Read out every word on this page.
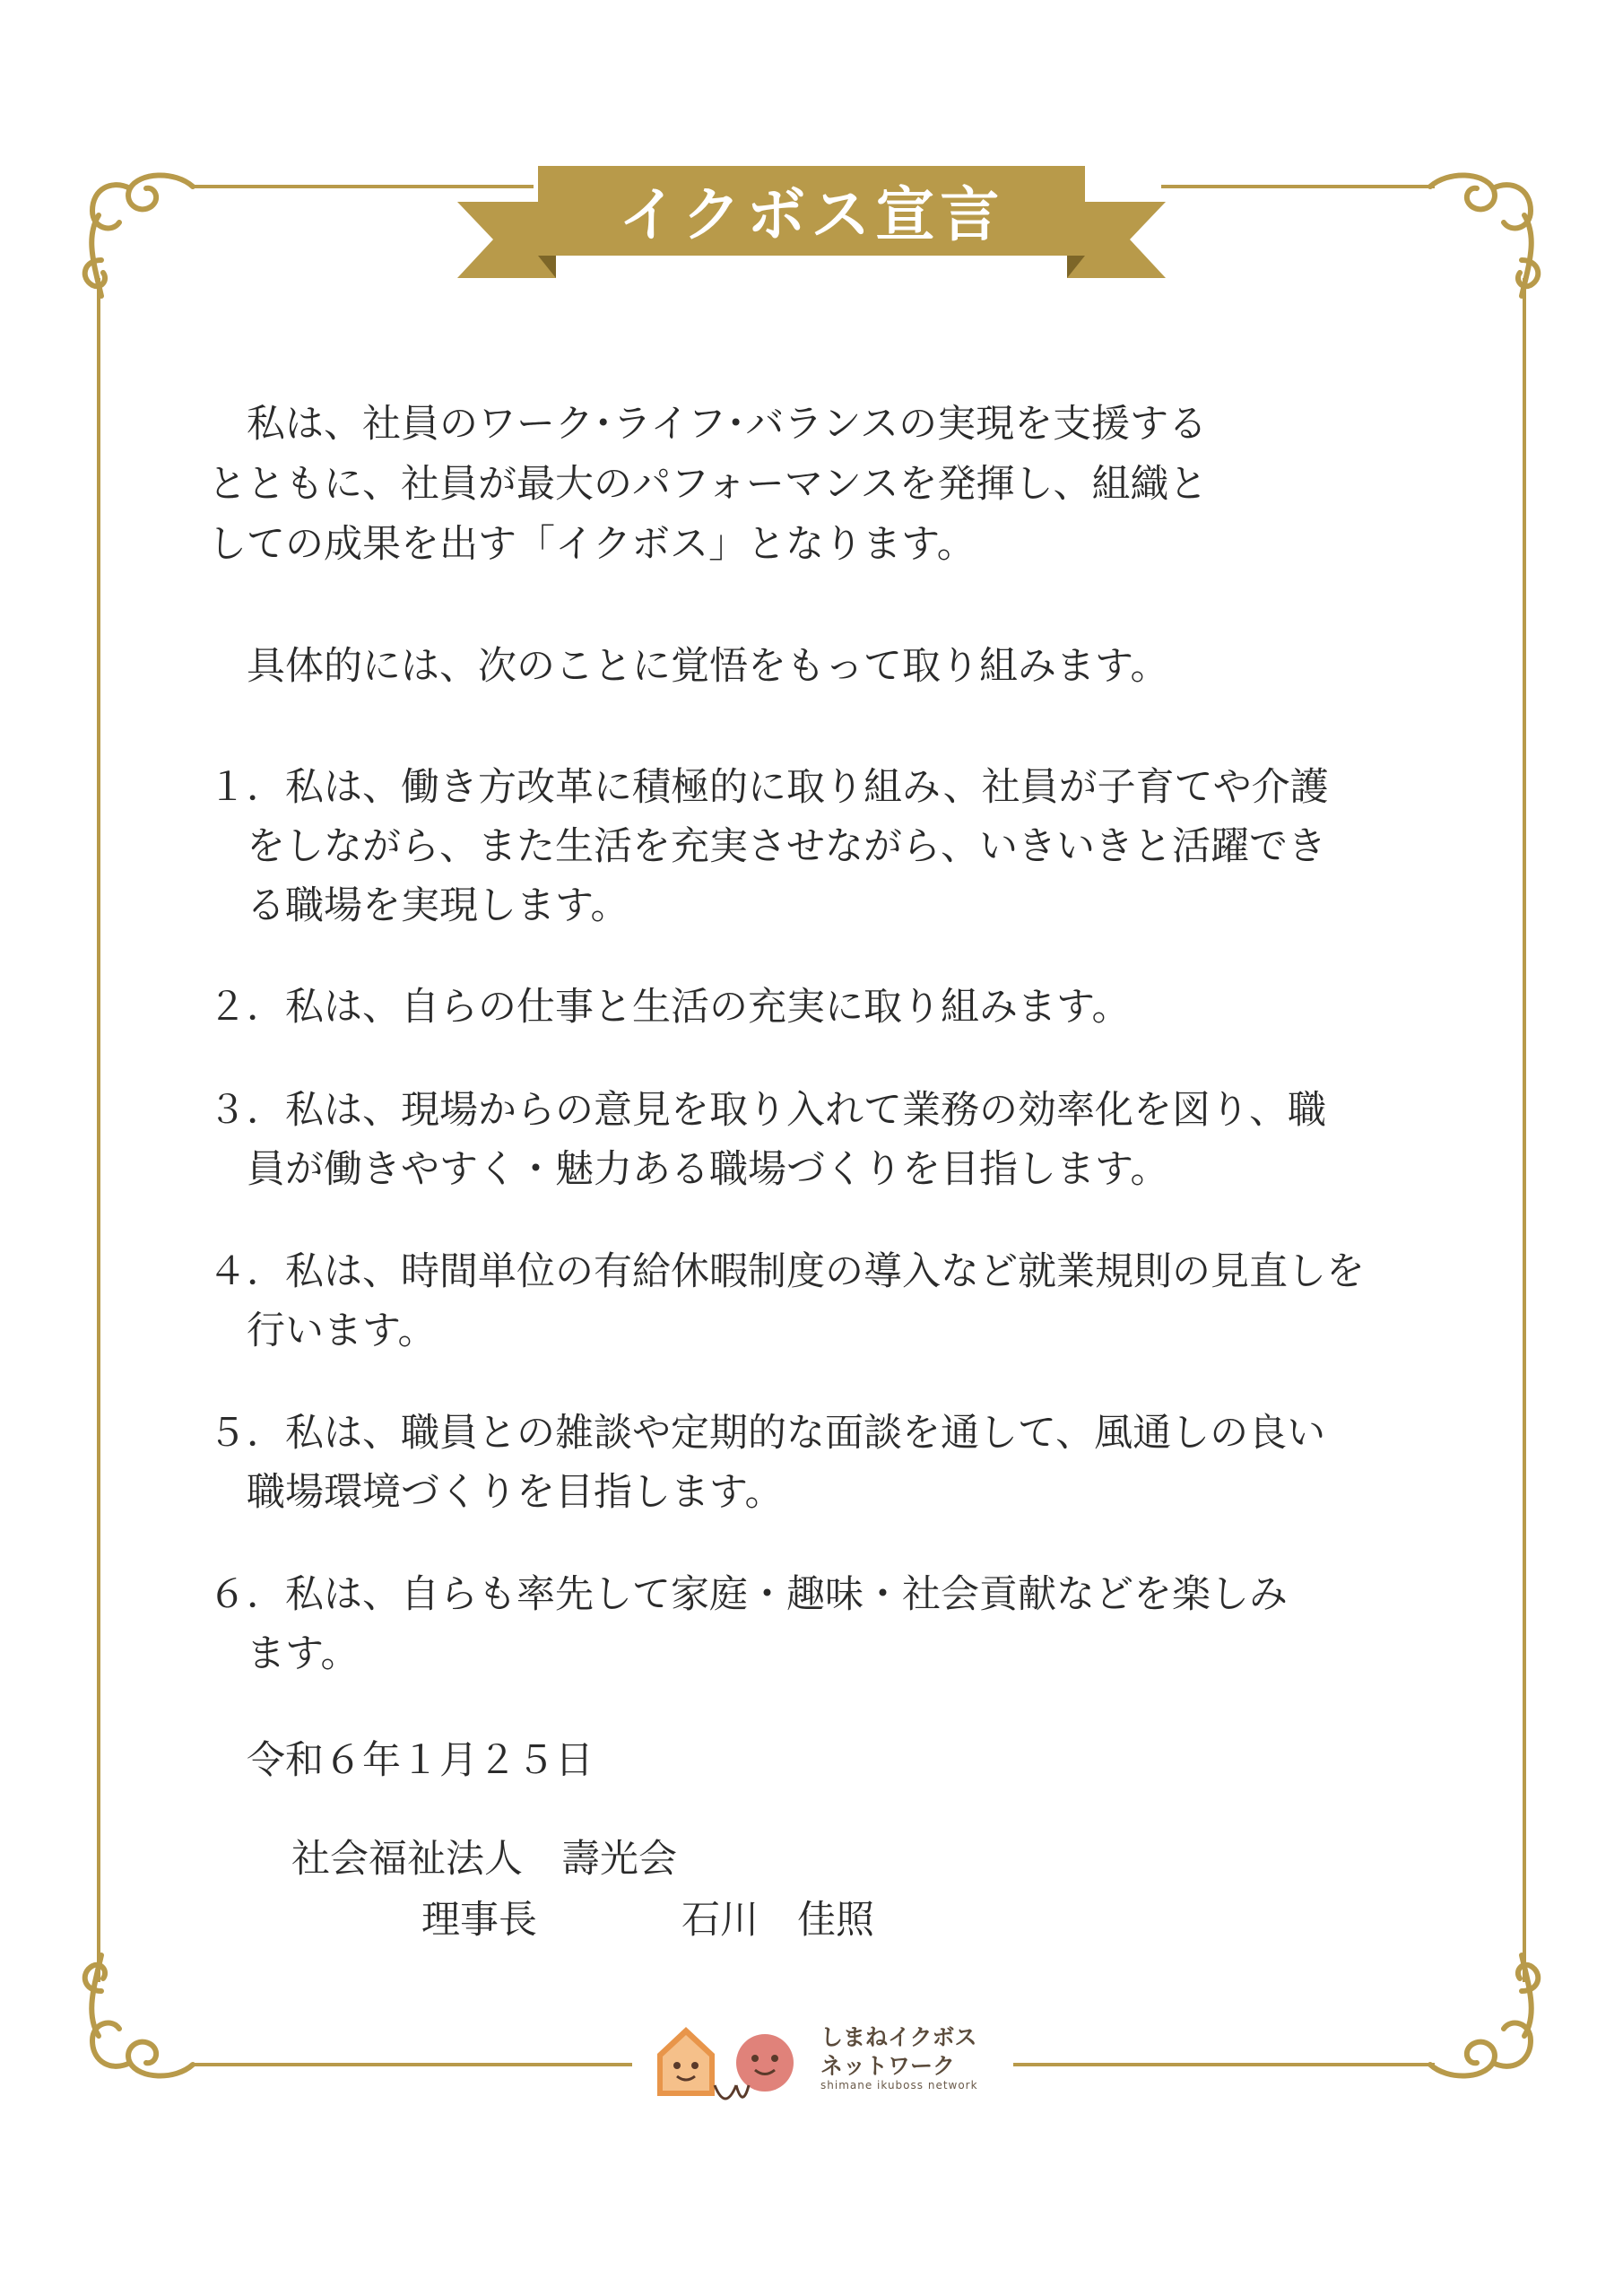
イクボス宣言
私は、社員のワーク･ライフ･バランスの実現を支援する
とともに、社員が最大のパフォーマンスを発揮し、組織と
しての成果を出す「イクボス」となります。
具体的には、次のことに覚悟をもって取り組みます。
１．私は、働き方改革に積極的に取り組み、社員が子育てや介護
をしながら、また生活を充実させながら、いきいきと活躍でき
る職場を実現します。
２．私は、自らの仕事と生活の充実に取り組みます。
３．私は、現場からの意見を取り入れて業務の効率化を図り、職
員が働きやすく・魅力ある職場づくりを目指します。
４．私は、時間単位の有給休暇制度の導入など就業規則の見直しを
行います。
５．私は、職員との雑談や定期的な面談を通して、風通しの良い
職場環境づくりを目指します。
６．私は、自らも率先して家庭・趣味・社会貢献などを楽しみ
ます。
令和６年１月２５日
社会福祉法人　壽光会
理事長	石川　佳照
しまねイクボス
ネットワーク
shimane ikuboss network
